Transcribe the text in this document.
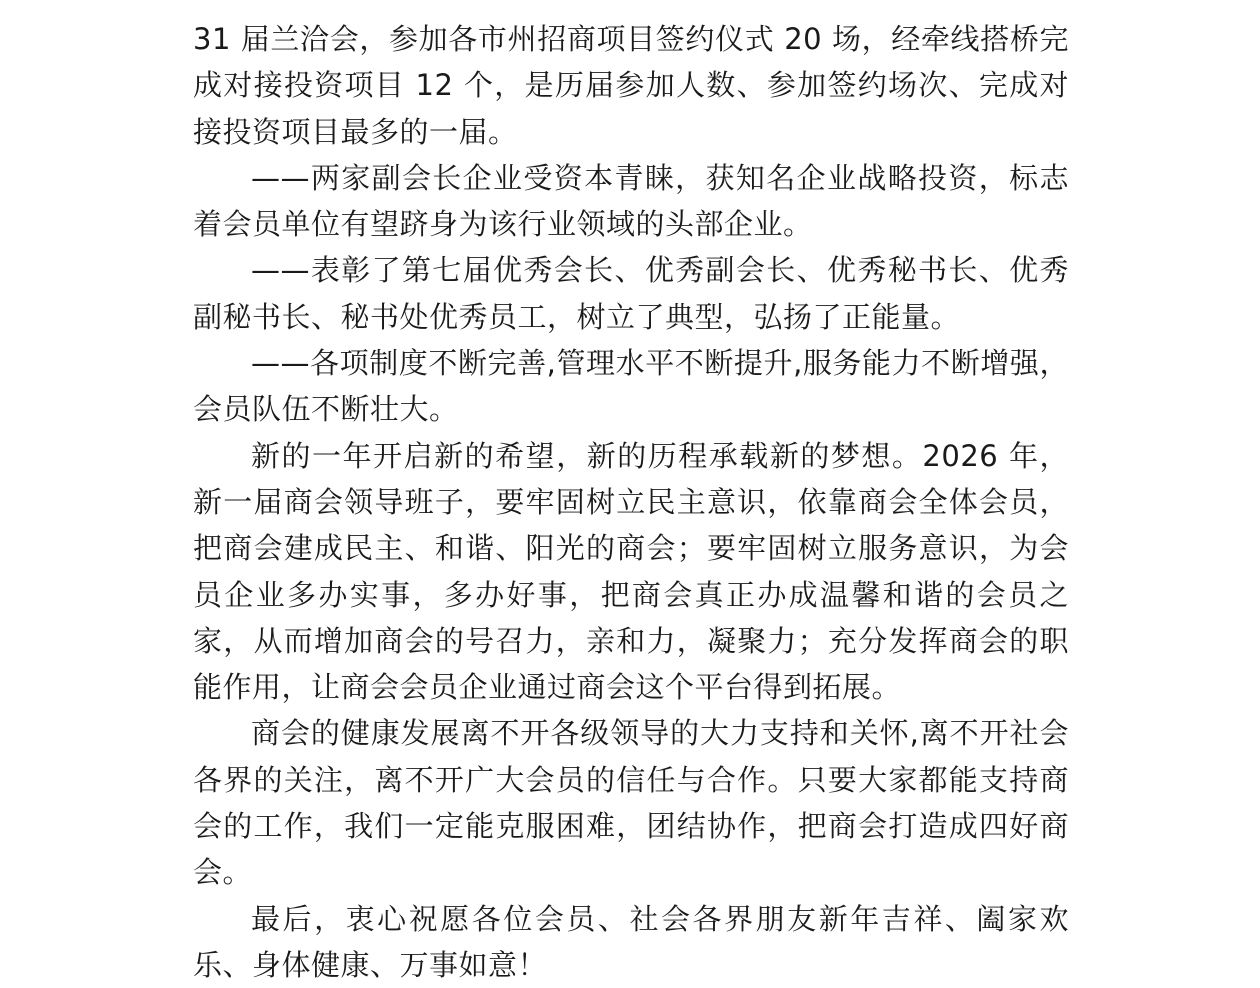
31 届兰洽会，参加各市州招商项目签约仪式 20 场，经牵线搭桥完成对接投资项目 12 个，是历届参加人数、参加签约场次、完成对接投资项目最多的一届。

——两家副会长企业受资本青睐，获知名企业战略投资，标志着会员单位有望跻身为该行业领域的头部企业。

——表彰了第七届优秀会长、优秀副会长、优秀秘书长、优秀副秘书长、秘书处优秀员工，树立了典型，弘扬了正能量。

——各项制度不断完善,管理水平不断提升,服务能力不断增强，会员队伍不断壮大。

新的一年开启新的希望，新的历程承载新的梦想。2026 年，新一届商会领导班子，要牢固树立民主意识，依靠商会全体会员，把商会建成民主、和谐、阳光的商会；要牢固树立服务意识，为会员企业多办实事，多办好事，把商会真正办成温馨和谐的会员之家，从而增加商会的号召力，亲和力，凝聚力；充分发挥商会的职能作用，让商会会员企业通过商会这个平台得到拓展。

商会的健康发展离不开各级领导的大力支持和关怀,离不开社会各界的关注，离不开广大会员的信任与合作。只要大家都能支持商会的工作，我们一定能克服困难，团结协作，把商会打造成四好商会。

最后，衷心祝愿各位会员、社会各界朋友新年吉祥、阖家欢乐、身体健康、万事如意！
